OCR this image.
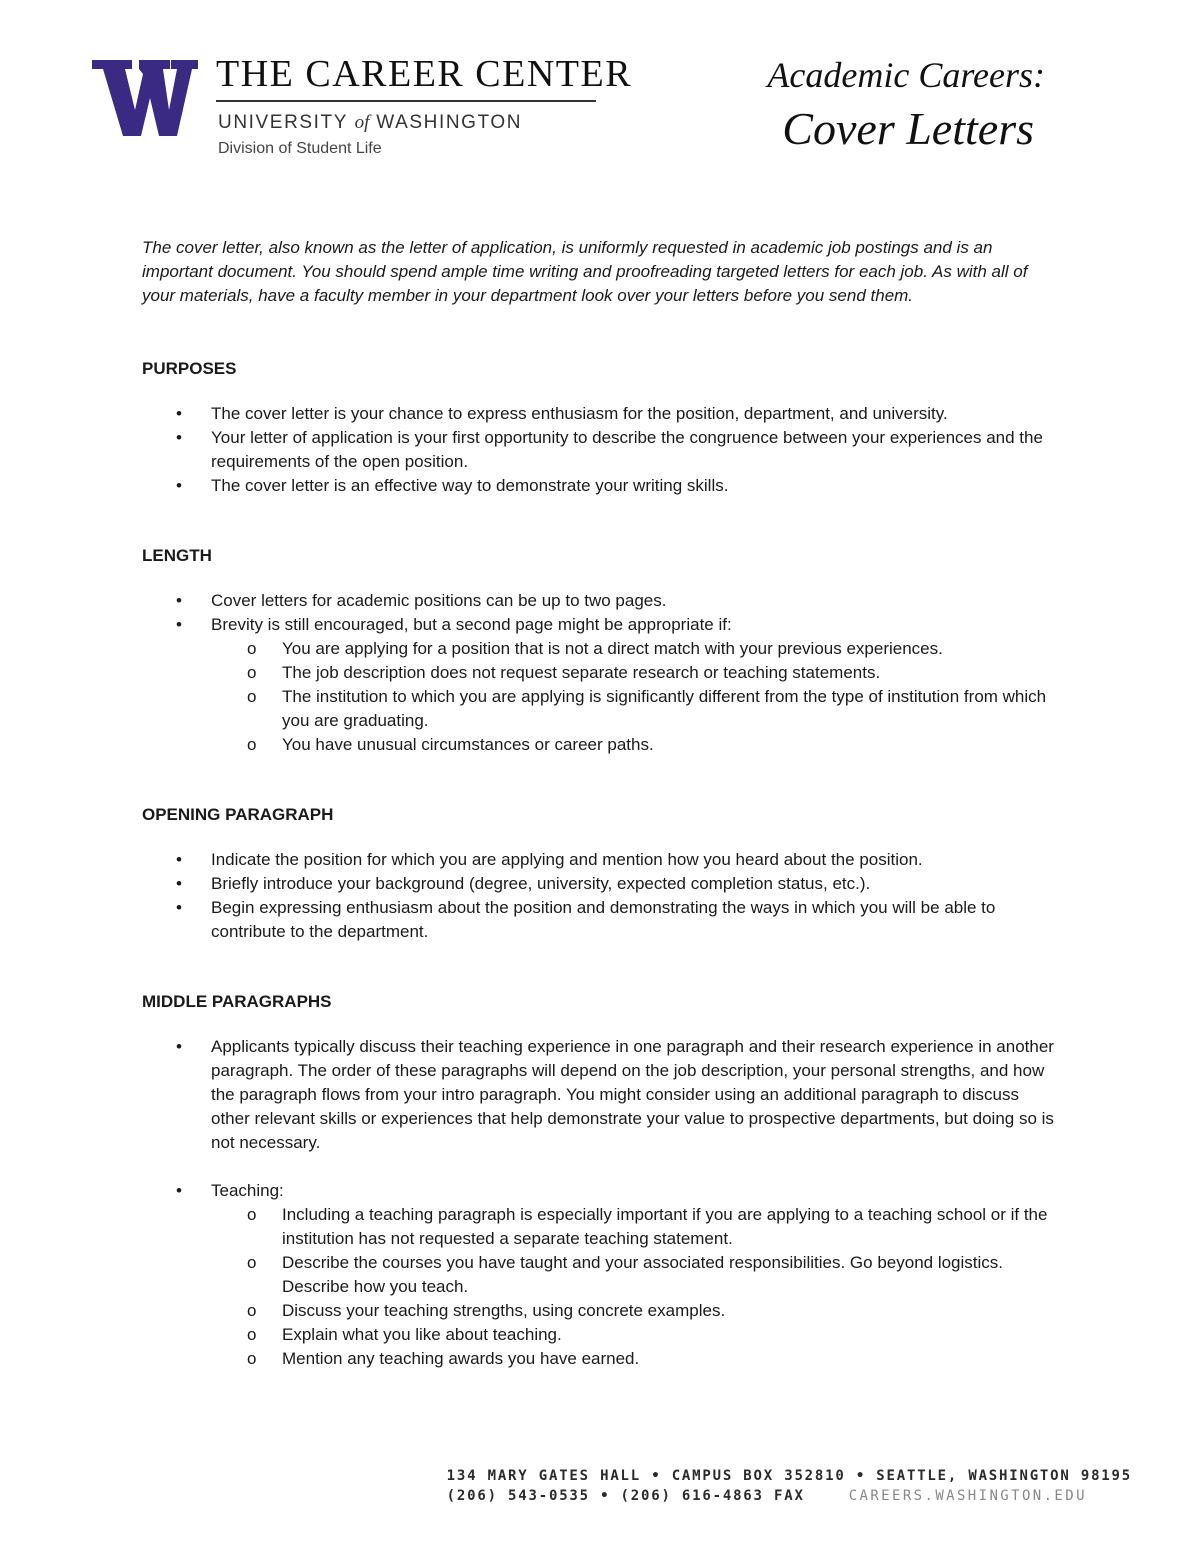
THE CAREER CENTER
UNIVERSITY of WASHINGTON
Division of Student Life
Academic Careers:
Cover Letters

The cover letter, also known as the letter of application, is uniformly requested in academic job postings and is an important document. You should spend ample time writing and proofreading targeted letters for each job. As with all of your materials, have a faculty member in your department look over your letters before you send them.

PURPOSES
• The cover letter is your chance to express enthusiasm for the position, department, and university.
• Your letter of application is your first opportunity to describe the congruence between your experiences and the requirements of the open position.
• The cover letter is an effective way to demonstrate your writing skills.
LENGTH
• Cover letters for academic positions can be up to two pages.
• Brevity is still encouraged, but a second page might be appropriate if:
o You are applying for a position that is not a direct match with your previous experiences.
o The job description does not request separate research or teaching statements.
o The institution to which you are applying is significantly different from the type of institution from which you are graduating.
o You have unusual circumstances or career paths.
OPENING PARAGRAPH
• Indicate the position for which you are applying and mention how you heard about the position.
• Briefly introduce your background (degree, university, expected completion status, etc.).
• Begin expressing enthusiasm about the position and demonstrating the ways in which you will be able to contribute to the department.
MIDDLE PARAGRAPHS
• Applicants typically discuss their teaching experience in one paragraph and their research experience in another paragraph. The order of these paragraphs will depend on the job description, your personal strengths, and how the paragraph flows from your intro paragraph. You might consider using an additional paragraph to discuss other relevant skills or experiences that help demonstrate your value to prospective departments, but doing so is not necessary.
• Teaching:
o Including a teaching paragraph is especially important if you are applying to a teaching school or if the institution has not requested a separate teaching statement.
o Describe the courses you have taught and your associated responsibilities. Go beyond logistics. Describe how you teach.
o Discuss your teaching strengths, using concrete examples.
o Explain what you like about teaching.
o Mention any teaching awards you have earned.
134 MARY GATES HALL • CAMPUS BOX 352810 • SEATTLE, WASHINGTON 98195
(206) 543-0535 • (206) 616-4863 FAX	CAREERS.WASHINGTON.EDU
